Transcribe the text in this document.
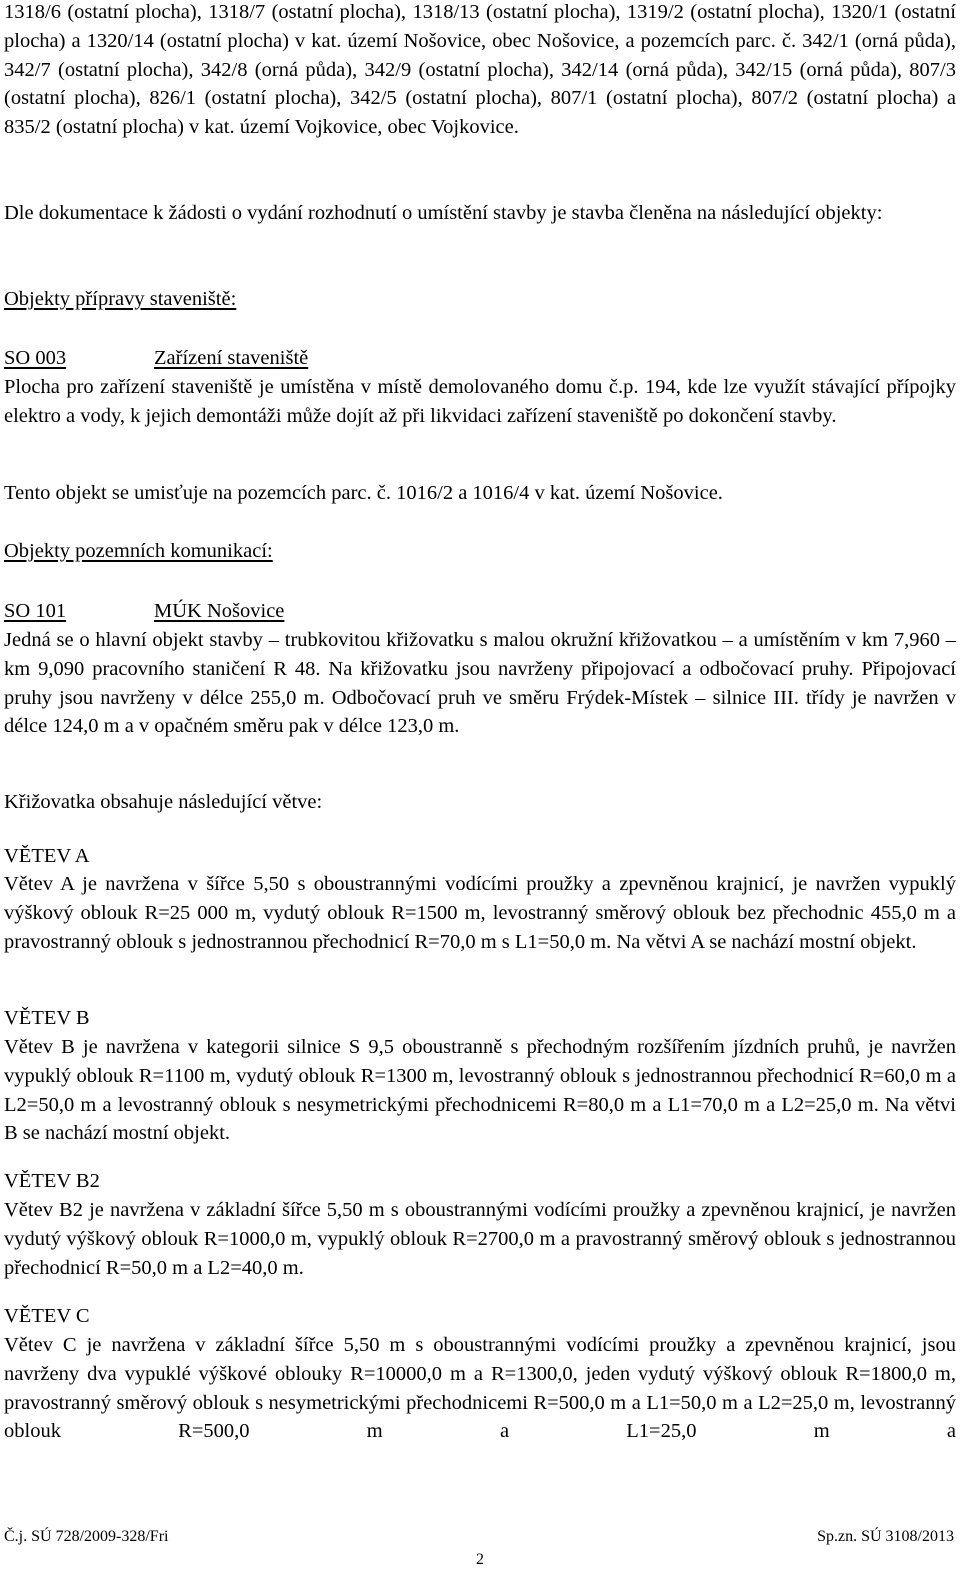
1318/6 (ostatní plocha), 1318/7 (ostatní plocha), 1318/13 (ostatní plocha), 1319/2 (ostatní plocha), 1320/1 (ostatní plocha) a 1320/14 (ostatní plocha) v kat. území Nošovice, obec Nošovice, a pozemcích parc. č. 342/1 (orná půda), 342/7 (ostatní plocha), 342/8 (orná půda), 342/9 (ostatní plocha), 342/14 (orná půda), 342/15 (orná půda), 807/3 (ostatní plocha), 826/1 (ostatní plocha), 342/5 (ostatní plocha), 807/1 (ostatní plocha), 807/2 (ostatní plocha) a 835/2 (ostatní plocha) v kat. území Vojkovice, obec Vojkovice.

Dle dokumentace k žádosti o vydání rozhodnutí o umístění stavby je stavba členěna na následující objekty:

Objekty přípravy staveniště:

SO 003	Zařízení staveniště

Plocha pro zařízení staveniště je umístěna v místě demolovaného domu č.p. 194, kde lze využít stávající přípojky elektro a vody, k jejich demontáži může dojít až při likvidaci zařízení staveniště po dokončení stavby.

Tento objekt se umisťuje na pozemcích parc. č. 1016/2 a 1016/4 v kat. území Nošovice.

Objekty pozemních komunikací:

SO 101	MÚK Nošovice

Jedná se o hlavní objekt stavby – trubkovitou křižovatku s malou okružní křižovatkou – a umístěním v km 7,960 – km 9,090 pracovního staničení R 48. Na křižovatku jsou navrženy připojovací a odbočovací pruhy. Připojovací pruhy jsou navrženy v délce 255,0 m. Odbočovací pruh ve směru Frýdek-Místek – silnice III. třídy je navržen v délce 124,0 m a v opačném směru pak v délce 123,0 m.

Křižovatka obsahuje následující větve:

VĚTEV A

Větev A je navržena v šířce 5,50 s oboustrannými vodícími proužky a zpevněnou krajnicí, je navržen vypuklý výškový oblouk R=25 000 m, vydutý oblouk R=1500 m, levostranný směrový oblouk bez přechodnic 455,0 m a pravostranný oblouk s jednostrannou přechodnicí R=70,0 m s L1=50,0 m. Na větvi A se nachází mostní objekt.

VĚTEV B

Větev B je navržena v kategorii silnice S 9,5 oboustranně s přechodným rozšířením jízdních pruhů, je navržen vypuklý oblouk R=1100 m, vydutý oblouk R=1300 m, levostranný oblouk s jednostrannou přechodnicí R=60,0 m a L2=50,0 m a levostranný oblouk s nesymetrickými přechodnicemi R=80,0 m a L1=70,0 m a L2=25,0 m. Na větvi B se nachází mostní objekt.

VĚTEV B2

Větev B2 je navržena v základní šířce 5,50 m s oboustrannými vodícími proužky a zpevněnou krajnicí, je navržen vydutý výškový oblouk R=1000,0 m, vypuklý oblouk R=2700,0 m a pravostranný směrový oblouk s jednostrannou přechodnicí R=50,0 m a L2=40,0 m.

VĚTEV C

Větev C je navržena v základní šířce 5,50 m s oboustrannými vodícími proužky a zpevněnou krajnicí, jsou navrženy dva vypuklé výškové oblouky R=10000,0 m a R=1300,0, jeden vydutý výškový oblouk R=1800,0 m, pravostranný směrový oblouk s nesymetrickými přechodnicemi R=500,0 m a L1=50,0 m a L2=25,0 m, levostranný oblouk R=500,0 m a L1=25,0 m a

Č.j. SÚ 728/2009-328/Fri	Sp.zn. SÚ 3108/2013
2
